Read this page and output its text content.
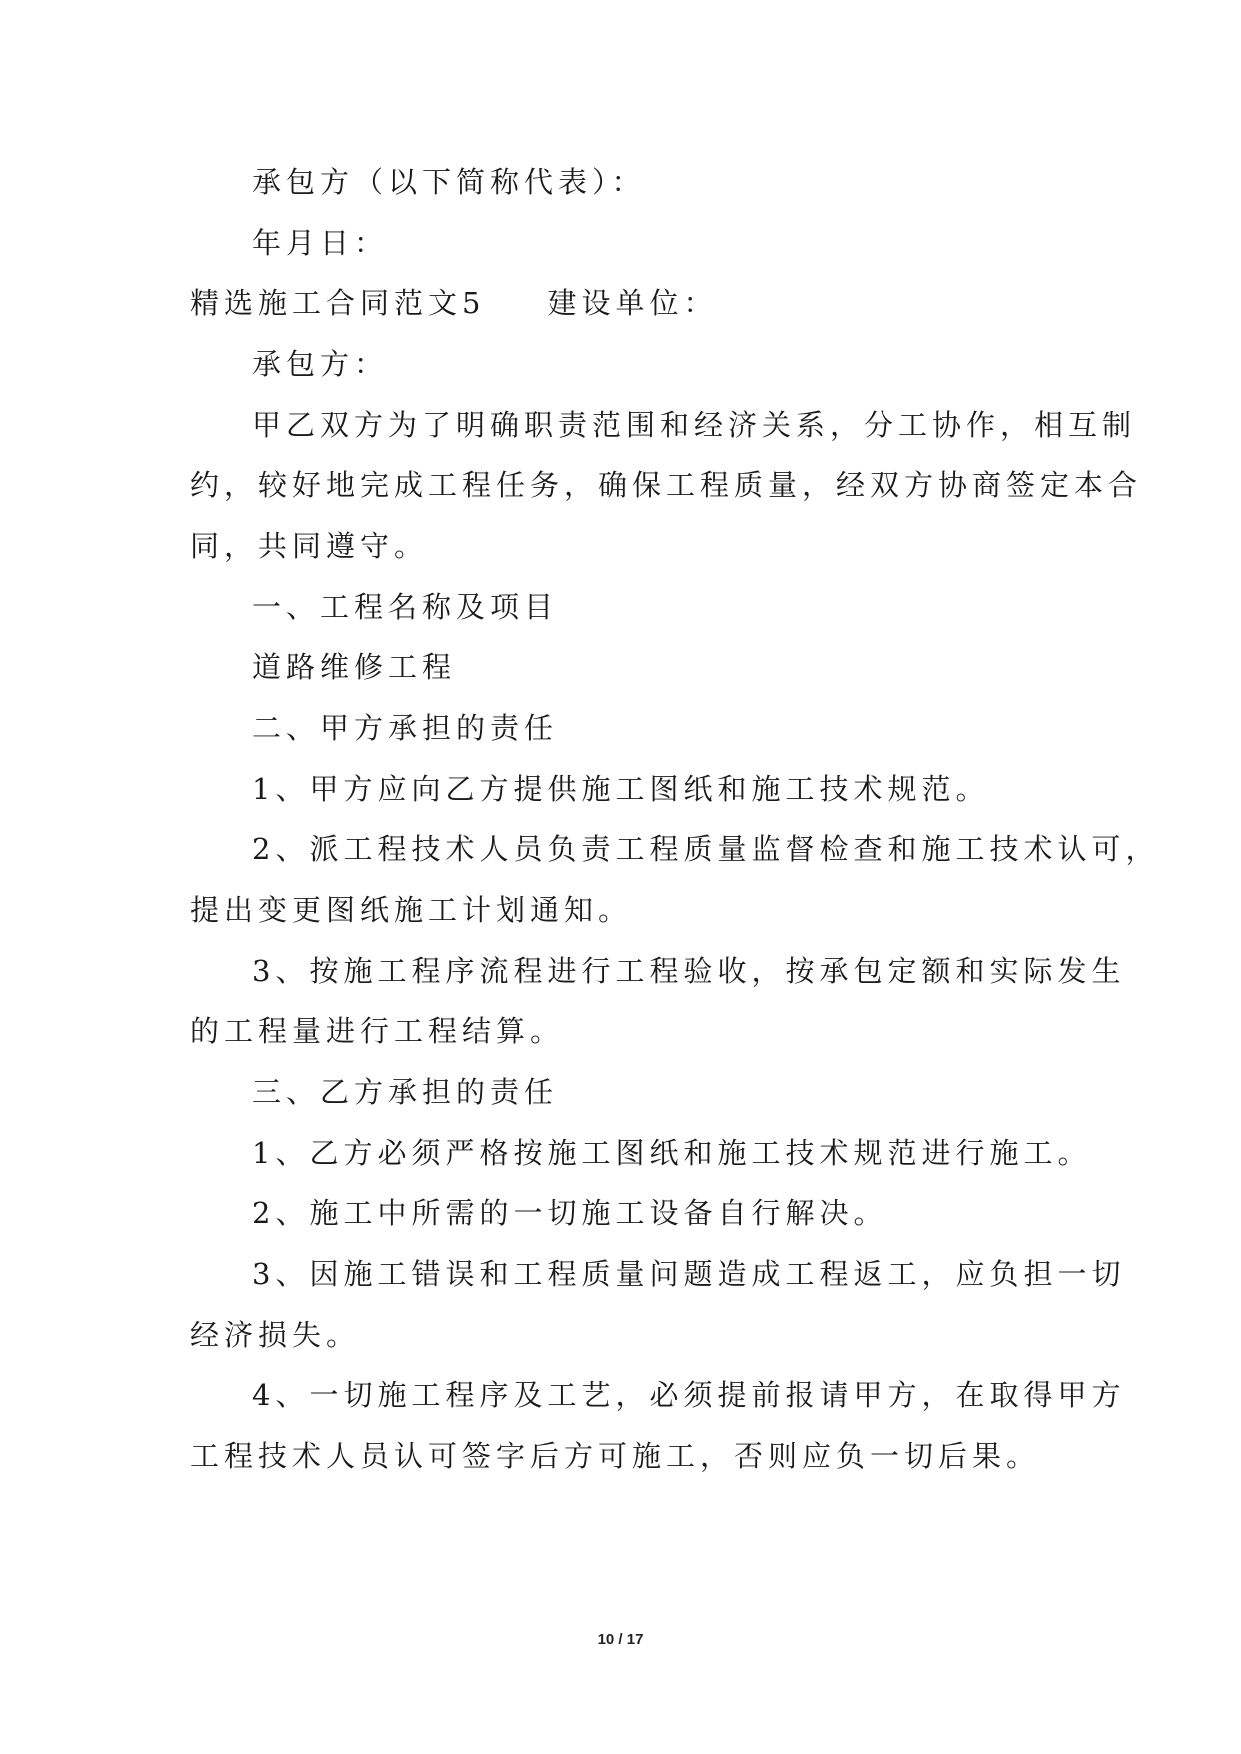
承包方（以下简称代表）：
年月日：
精选施工合同范文5 建设单位：
承包方：
甲乙双方为了明确职责范围和经济关系，分工协作，相互制
约，较好地完成工程任务，确保工程质量，经双方协商签定本合
同，共同遵守。
一、工程名称及项目
道路维修工程
二、甲方承担的责任
1、甲方应向乙方提供施工图纸和施工技术规范。
2、派工程技术人员负责工程质量监督检查和施工技术认可，
提出变更图纸施工计划通知。
3、按施工程序流程进行工程验收，按承包定额和实际发生
的工程量进行工程结算。
三、乙方承担的责任
1、乙方必须严格按施工图纸和施工技术规范进行施工。
2、施工中所需的一切施工设备自行解决。
3、因施工错误和工程质量问题造成工程返工，应负担一切
经济损失。
4、一切施工程序及工艺，必须提前报请甲方，在取得甲方
工程技术人员认可签字后方可施工，否则应负一切后果。
10 / 17
